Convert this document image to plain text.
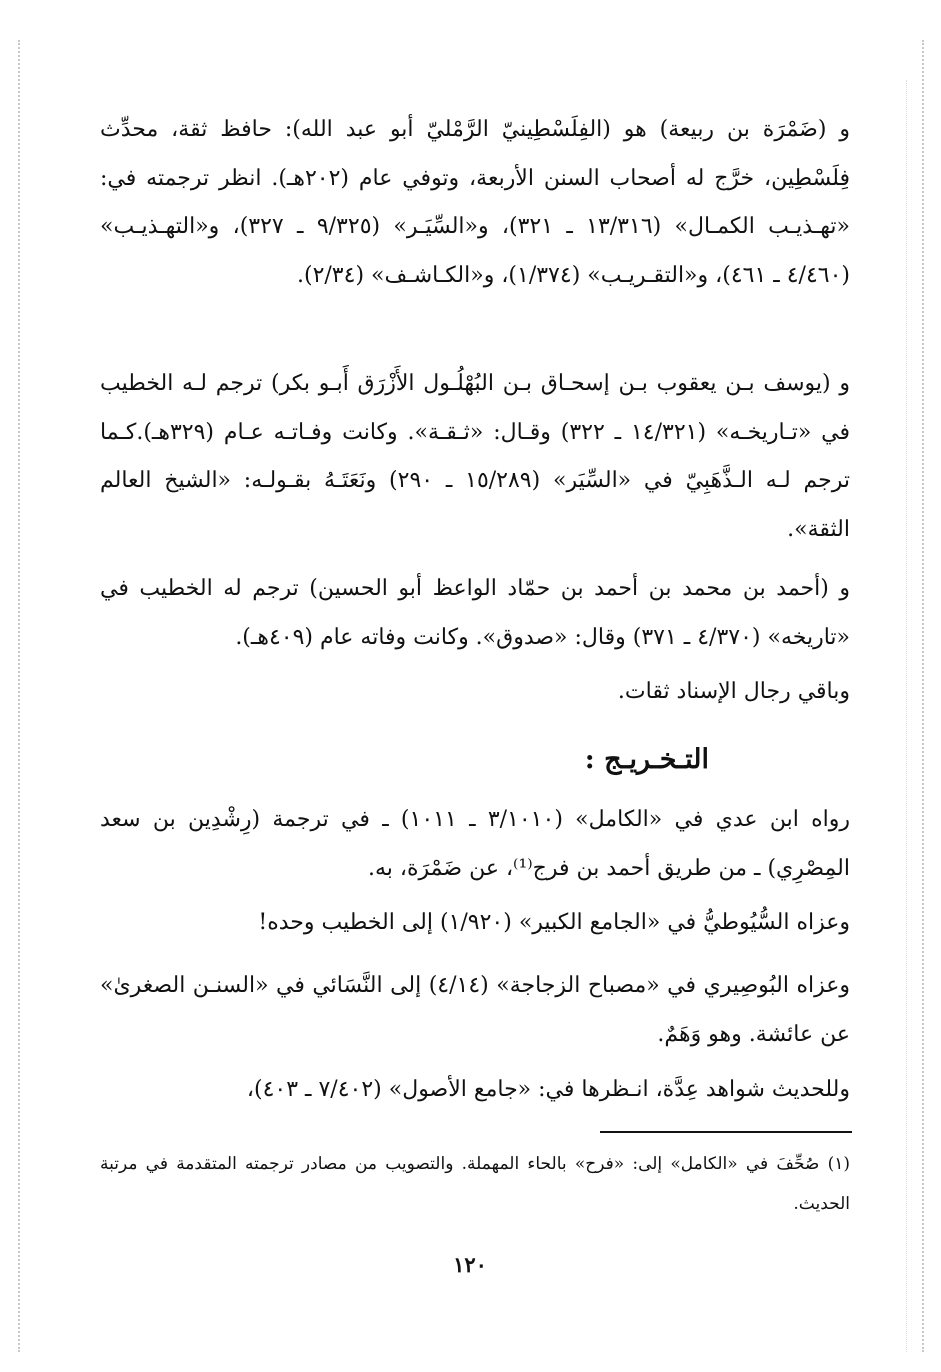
و (ضَمْرَة بن ربيعة) هو (الفِلَسْطِينيّ الرَّمْليّ أبو عبد الله): حافظ ثقة، محدِّث فِلَسْطِين، خرَّج له أصحاب السنن الأربعة، وتوفي عام (٢٠٢هـ). انظر ترجمته في: «تهـذيـب الكمـال» (١٣/٣١٦ ـ ٣٢١)، و«السِّيَـر» (٩/٣٢٥ ـ ٣٢٧)، و«التهـذيـب» (٤/٤٦٠ ـ ٤٦١)، و«التقـريـب» (١/٣٧٤)، و«الكـاشـف» (٢/٣٤).

و (يوسف بـن يعقوب بـن إسحـاق بـن البُهْلُـول الأَزْرَق أَبـو بكر) ترجم لـه الخطيب في «تـاريخـه» (١٤/٣٢١ ـ ٣٢٢) وقـال: «ثـقـة». وكانت وفـاتـه عـام (٣٢٩هـ).كـما ترجم لـه الـذَّهَبِيّ في «السِّيَر» (١٥/٢٨٩ ـ ٢٩٠) ونَعَتَـهُ بقـولـه: «الشيخ العالم الثقة».

و (أحمد بن محمد بن أحمد بن حمّاد الواعظ أبو الحسين) ترجم له الخطيب في «تاريخه» (٤/٣٧٠ ـ ٣٧١) وقال: «صدوق». وكانت وفاته عام (٤٠٩هـ).

وباقي رجال الإسناد ثقات.

التـخـريـج :

رواه ابن عدي في «الكامل» (٣/١٠١٠ ـ ١٠١١) ـ في ترجمة (رِشْدِين بن سعد المِصْرِي) ـ من طريق أحمد بن فرج⁽¹⁾، عن ضَمْرَة، به.

وعزاه السُّيُوطيُّ في «الجامع الكبير» (١/٩٢٠) إلى الخطيب وحده!

وعزاه البُوصِيري في «مصباح الزجاجة» (٤/١٤) إلى النَّسَائي في «السنـن الصغرىٰ» عن عائشة. وهو وَهَمٌ.

وللحديث شواهد عِدَّة، انـظرها في: «جامع الأصول» (٧/٤٠٢ ـ ٤٠٣)،

(١) صُحِّفَ في «الكامل» إلى: «فرح» بالحاء المهملة. والتصويب من مصادر ترجمته المتقدمة في مرتبة الحديث.

١٢٠
